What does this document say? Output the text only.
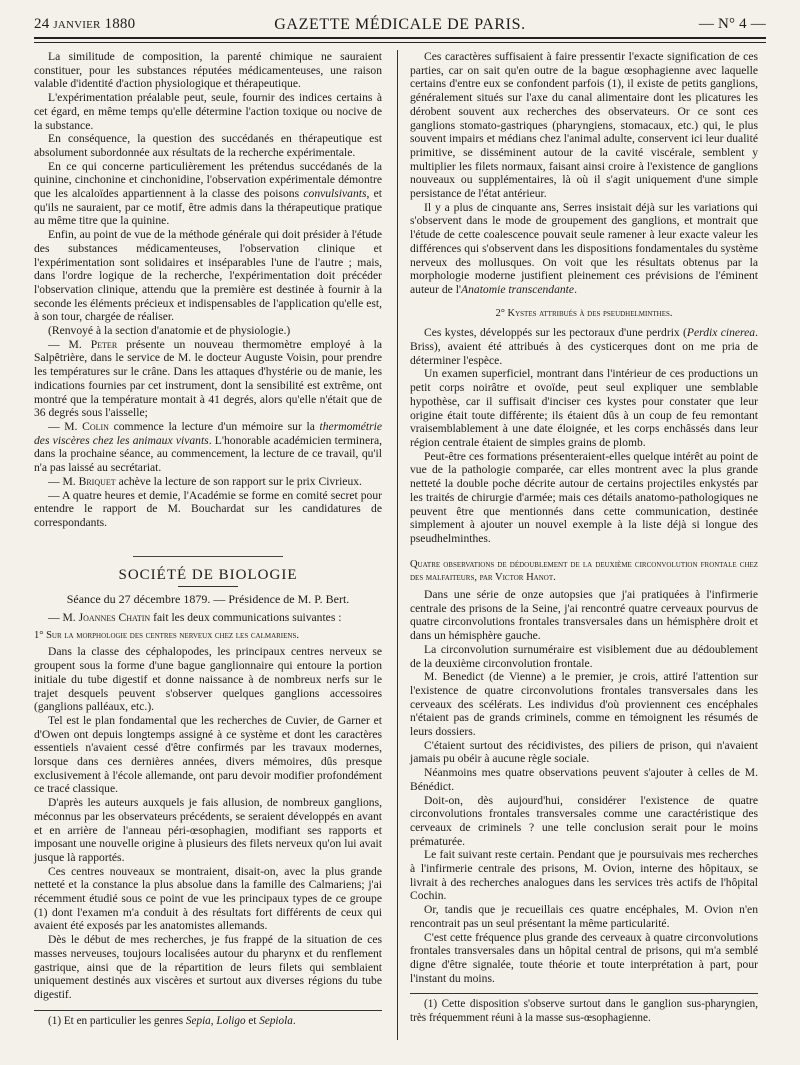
24 janvier 1880	GAZETTE MÉDICALE DE PARIS.	— N° 4 —

La similitude de composition, la parenté chimique ne sauraient constituer, pour les substances réputées médicamenteuses, une raison valable d'identité d'action physiologique et thérapeutique.

L'expérimentation préalable peut, seule, fournir des indices certains à cet égard, en même temps qu'elle détermine l'action toxique ou nocive de la substance.

En conséquence, la question des succédanés en thérapeutique est absolument subordonnée aux résultats de la recherche expérimentale.

En ce qui concerne particulièrement les prétendus succédanés de la quinine, cinchonine et cinchonidine, l'observation expérimentale démontre que les alcaloïdes appartiennent à la classe des poisons convulsivants, et qu'ils ne sauraient, par ce motif, être admis dans la thérapeutique pratique au même titre que la quinine.

Enfin, au point de vue de la méthode générale qui doit présider à l'étude des substances médicamenteuses, l'observation clinique et l'expérimentation sont solidaires et inséparables l'une de l'autre ; mais, dans l'ordre logique de la recherche, l'expérimentation doit précéder l'observation clinique, attendu que la première est destinée à fournir à la seconde les éléments précieux et indispensables de l'application qu'elle est, à son tour, chargée de réaliser.

(Renvoyé à la section d'anatomie et de physiologie.)

— M. Peter présente un nouveau thermomètre employé à la Salpêtrière, dans le service de M. le docteur Auguste Voisin, pour prendre les températures sur le crâne. Dans les attaques d'hystérie ou de manie, les indications fournies par cet instrument, dont la sensibilité est extrême, ont montré que la température montait à 41 degrés, alors qu'elle n'était que de 36 degrés sous l'aisselle;

— M. Colin commence la lecture d'un mémoire sur la thermométrie des viscères chez les animaux vivants. L'honorable académicien terminera, dans la prochaine séance, au commencement, la lecture de ce travail, qu'il n'a pas laissé au secrétariat.

— M. Briquet achève la lecture de son rapport sur le prix Civrieux.

— A quatre heures et demie, l'Académie se forme en comité secret pour entendre le rapport de M. Bouchardat sur les candidatures de correspondants.

SOCIÉTÉ DE BIOLOGIE
Séance du 27 décembre 1879. — Présidence de M. P. Bert.

— M. Joannes Chatin fait les deux communications suivantes :

1° Sur la morphologie des centres nerveux chez les calmariens.

Dans la classe des céphalopodes, les principaux centres nerveux se groupent sous la forme d'une bague ganglionnaire qui entoure la portion initiale du tube digestif et donne naissance à de nombreux nerfs sur le trajet desquels peuvent s'observer quelques ganglions accessoires (ganglions palléaux, etc.).

Tel est le plan fondamental que les recherches de Cuvier, de Garner et d'Owen ont depuis longtemps assigné à ce système et dont les caractères essentiels n'avaient cessé d'être confirmés par les travaux modernes, lorsque dans ces dernières années, divers mémoires, dûs presque exclusivement à l'école allemande, ont paru devoir modifier profondément ce tracé classique.

D'après les auteurs auxquels je fais allusion, de nombreux ganglions, méconnus par les observateurs précédents, se seraient développés en avant et en arrière de l'anneau péri-œsophagien, modifiant ses rapports et imposant une nouvelle origine à plusieurs des filets nerveux qu'on lui avait jusque là rapportés.

Ces centres nouveaux se montraient, disait-on, avec la plus grande netteté et la constance la plus absolue dans la famille des Calmariens; j'ai récemment étudié sous ce point de vue les principaux types de ce groupe (1) dont l'examen m'a conduit à des résultats fort différents de ceux qui avaient été exposés par les anatomistes allemands.

Dès le début de mes recherches, je fus frappé de la situation de ces masses nerveuses, toujours localisées autour du pharynx et du renflement gastrique, ainsi que de la répartition de leurs filets qui semblaient uniquement destinés aux viscères et surtout aux diverses régions du tube digestif.

(1) Et en particulier les genres Sepia, Loligo et Sepiola.

Ces caractères suffisaient à faire pressentir l'exacte signification de ces parties, car on sait qu'en outre de la bague œsophagienne avec laquelle certains d'entre eux se confondent parfois (1), il existe de petits ganglions, généralement situés sur l'axe du canal alimentaire dont les plicatures les dérobent souvent aux recherches des observateurs. Or ce sont ces ganglions stomato-gastriques (pharyngiens, stomacaux, etc.) qui, le plus souvent impairs et médians chez l'animal adulte, conservent ici leur dualité primitive, se disséminent autour de la cavité viscérale, semblent y multiplier les filets normaux, faisant ainsi croire à l'existence de ganglions nouveaux ou supplémentaires, là où il s'agit uniquement d'une simple persistance de l'état antérieur.

Il y a plus de cinquante ans, Serres insistait déjà sur les variations qui s'observent dans le mode de groupement des ganglions, et montrait que l'étude de cette coalescence pouvait seule ramener à leur exacte valeur les différences qui s'observent dans les dispositions fondamentales du système nerveux des mollusques. On voit que les résultats obtenus par la morphologie moderne justifient pleinement ces prévisions de l'éminent auteur de l'Anatomie transcendante.

2° Kystes attribués à des pseudhelminthes.

Ces kystes, développés sur les pectoraux d'une perdrix (Perdix cinerea. Briss), avaient été attribués à des cysticerques dont on me pria de déterminer l'espèce.

Un examen superficiel, montrant dans l'intérieur de ces productions un petit corps noirâtre et ovoïde, peut seul expliquer une semblable hypothèse, car il suffisait d'inciser ces kystes pour constater que leur origine était toute différente; ils étaient dûs à un coup de feu remontant vraisemblablement à une date éloignée, et les corps enchâssés dans leur région centrale étaient de simples grains de plomb.

Peut-être ces formations présenteraient-elles quelque intérêt au point de vue de la pathologie comparée, car elles montrent avec la plus grande netteté la double poche décrite autour de certains projectiles enkystés par les traités de chirurgie d'armée; mais ces détails anatomo-pathologiques ne peuvent être que mentionnés dans cette communication, destinée simplement à ajouter un nouvel exemple à la liste déjà si longue des pseudhelminthes.

Quatre observations de dédoublement de la deuxième circonvolution frontale chez des malfaiteurs, par Victor Hanot.

Dans une série de onze autopsies que j'ai pratiquées à l'infirmerie centrale des prisons de la Seine, j'ai rencontré quatre cerveaux pourvus de quatre circonvolutions frontales transversales dans un hémisphère droit et dans un hémisphère gauche.

La circonvolution surnuméraire est visiblement due au dédoublement de la deuxième circonvolution frontale.

M. Benedict (de Vienne) a le premier, je crois, attiré l'attention sur l'existence de quatre circonvolutions frontales transversales dans les cerveaux des scélérats. Les individus d'où proviennent ces encéphales n'étaient pas de grands criminels, comme en témoignent les résumés de leurs dossiers.

C'étaient surtout des récidivistes, des piliers de prison, qui n'avaient jamais pu obéir à aucune règle sociale.

Néanmoins mes quatre observations peuvent s'ajouter à celles de M. Bénédict.

Doit-on, dès aujourd'hui, considérer l'existence de quatre circonvolutions frontales transversales comme une caractéristique des cerveaux de criminels ? une telle conclusion serait pour le moins prématurée.

Le fait suivant reste certain. Pendant que je poursuivais mes recherches à l'infirmerie centrale des prisons, M. Ovion, interne des hôpitaux, se livrait à des recherches analogues dans les services très actifs de l'hôpital Cochin.

Or, tandis que je recueillais ces quatre encéphales, M. Ovion n'en rencontrait pas un seul présentant la même particularité.

C'est cette fréquence plus grande des cerveaux à quatre circonvolutions frontales transversales dans un hôpital central de prisons, qui m'a semblé digne d'être signalée, toute théorie et toute interprétation à part, pour l'instant du moins.

(1) Cette disposition s'observe surtout dans le ganglion sus-pharyngien, très fréquemment réuni à la masse sus-œsophagienne.
